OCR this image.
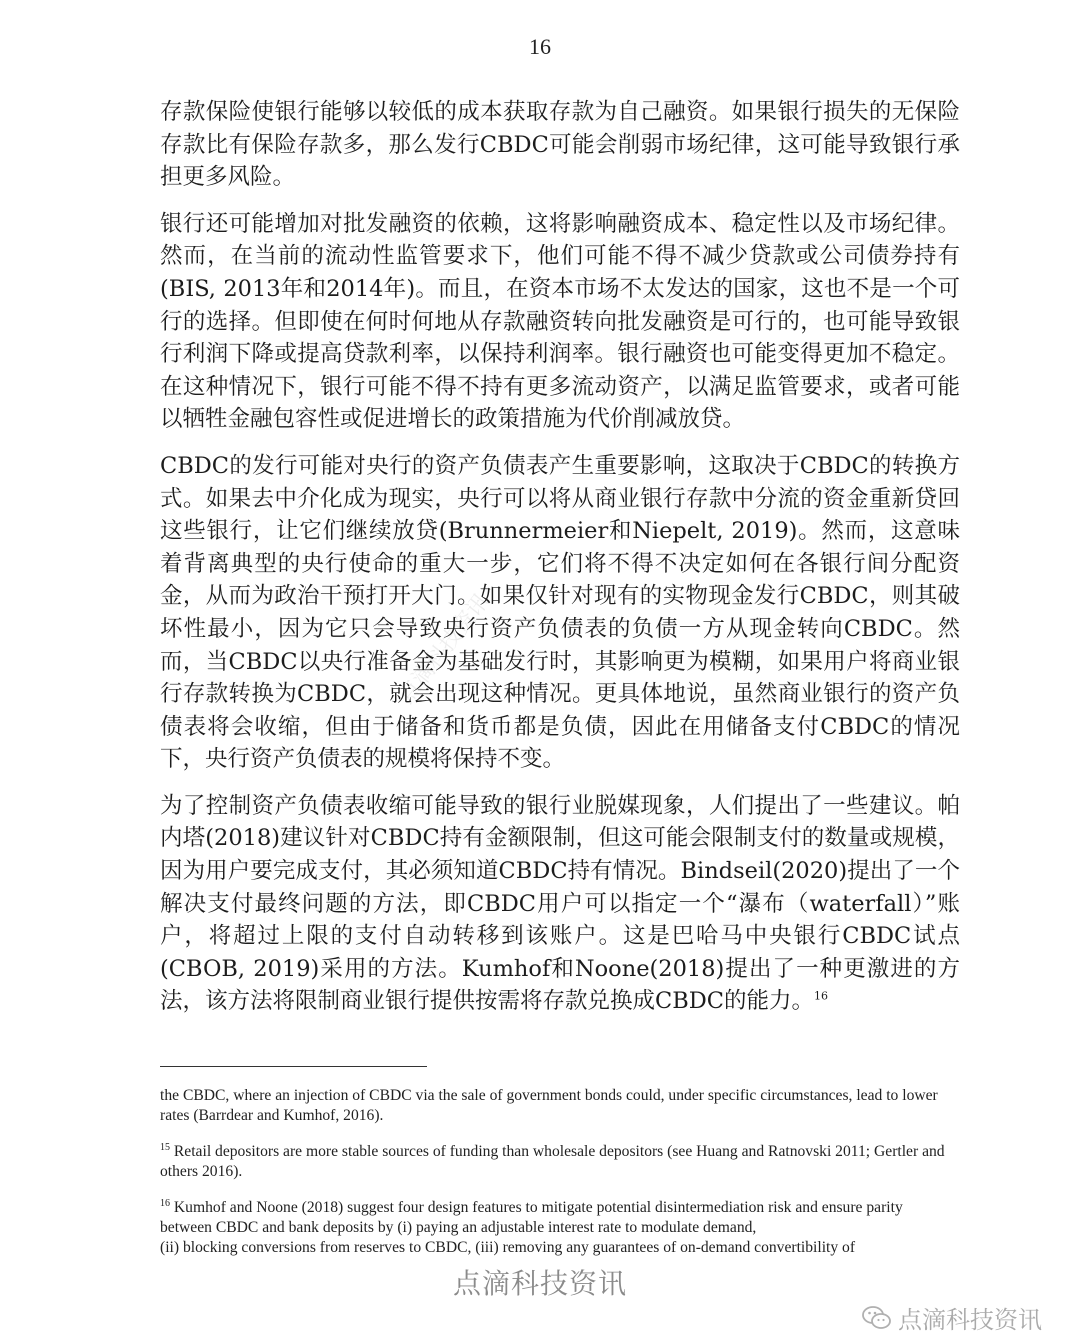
16

存款保险使银行能够以较低的成本获取存款为自己融资。如果银行损失的无保险存款比有保险存款多，那么发行CBDC可能会削弱市场纪律，这可能导致银行承担更多风险。

银行还可能增加对批发融资的依赖，这将影响融资成本、稳定性以及市场纪律。然而，在当前的流动性监管要求下，他们可能不得不减少贷款或公司债券持有(BIS, 2013年和2014年)。而且，在资本市场不太发达的国家，这也不是一个可行的选择。但即使在何时何地从存款融资转向批发融资是可行的，也可能导致银行利润下降或提高贷款利率，以保持利润率。银行融资也可能变得更加不稳定。在这种情况下，银行可能不得不持有更多流动资产，以满足监管要求，或者可能以牺牲金融包容性或促进增长的政策措施为代价削减放贷。

CBDC的发行可能对央行的资产负债表产生重要影响，这取决于CBDC的转换方式。如果去中介化成为现实，央行可以将从商业银行存款中分流的资金重新贷回这些银行，让它们继续放贷(Brunnermeier和Niepelt, 2019)。然而，这意味着背离典型的央行使命的重大一步，它们将不得不决定如何在各银行间分配资金，从而为政治干预打开大门。如果仅针对现有的实物现金发行CBDC，则其破坏性最小，因为它只会导致央行资产负债表的负债一方从现金转向CBDC。然而，当CBDC以央行准备金为基础发行时，其影响更为模糊，如果用户将商业银行存款转换为CBDC，就会出现这种情况。更具体地说，虽然商业银行的资产负债表将会收缩，但由于储备和货币都是负债，因此在用储备支付CBDC的情况下，央行资产负债表的规模将保持不变。

为了控制资产负债表收缩可能导致的银行业脱媒现象，人们提出了一些建议。帕内塔(2018)建议针对CBDC持有金额限制，但这可能会限制支付的数量或规模，因为用户要完成支付，其必须知道CBDC持有情况。Bindseil(2020)提出了一个解决支付最终问题的方法，即CBDC用户可以指定一个“瀑布（waterfall）”账户，将超过上限的支付自动转移到该账户。这是巴哈马中央银行CBDC试点(CBOB, 2019)采用的方法。Kumhof和Noone(2018)提出了一种更激进的方法，该方法将限制商业银行提供按需将存款兑换成CBDC的能力。$^{16}$

点滴科技资讯

the CBDC, where an injection of CBDC via the sale of government bonds could, under specific circumstances, lead to lower rates (Barrdear and Kumhof, 2016).

$^{15}$ Retail depositors are more stable sources of funding than wholesale depositors (see Huang and Ratnovski 2011; Gertler and others 2016).

$^{16}$ Kumhof and Noone (2018) suggest four design features to mitigate potential disintermediation risk and ensure parity between CBDC and bank deposits by (i) paying an adjustable interest rate to modulate demand,
(ii) blocking conversions from reserves to CBDC, (iii) removing any guarantees of on-demand convertibility of

点滴科技资讯
点滴科技资讯
